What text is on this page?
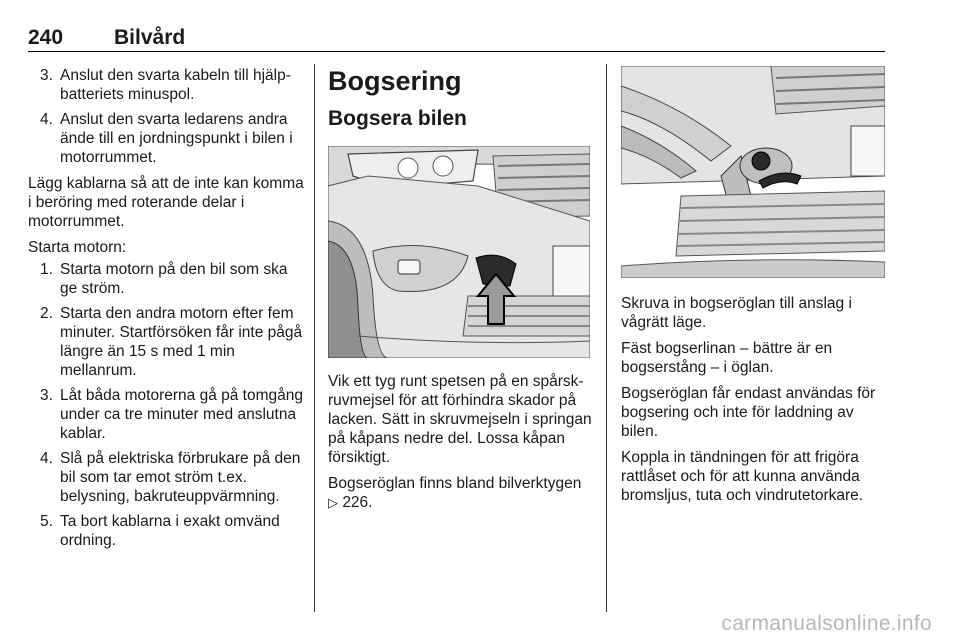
240 Bilvård
3. Anslut den svarta kabeln till hjälp-batteriets minuspol.
4. Anslut den svarta ledarens andra ände till en jordningspunkt i bilen i motorrummet.

Lägg kablarna så att de inte kan komma i beröring med roterande delar i motorrummet.

Starta motorn:

1. Starta motorn på den bil som ska ge ström.
2. Starta den andra motorn efter fem minuter. Startförsöken får inte pågå längre än 15 s med 1 min mellanrum.
3. Låt båda motorerna gå på tomgång under ca tre minuter med anslutna kablar.
4. Slå på elektriska förbrukare på den bil som tar emot ström t.ex. belysning, bakruteuppvärmning.
5. Ta bort kablarna i exakt omvänd ordning.
Bogsering
Bogsera bilen

Vik ett tyg runt spetsen på en spårsk-ruvmejsel för att förhindra skador på lacken. Sätt in skruvmejseln i springan på kåpans nedre del. Lossa kåpan försiktigt.

Bogseröglan finns bland bilverktygen
▷ 226.

Skruva in bogseröglan till anslag i vågrätt läge.

Fäst bogserlinan – bättre är en bogserstång – i öglan.

Bogseröglan får endast användas för bogsering och inte för laddning av bilen.

Koppla in tändningen för att frigöra rattlåset och för att kunna använda bromsljus, tuta och vindrutetorkare.

carmanualsonline.info
